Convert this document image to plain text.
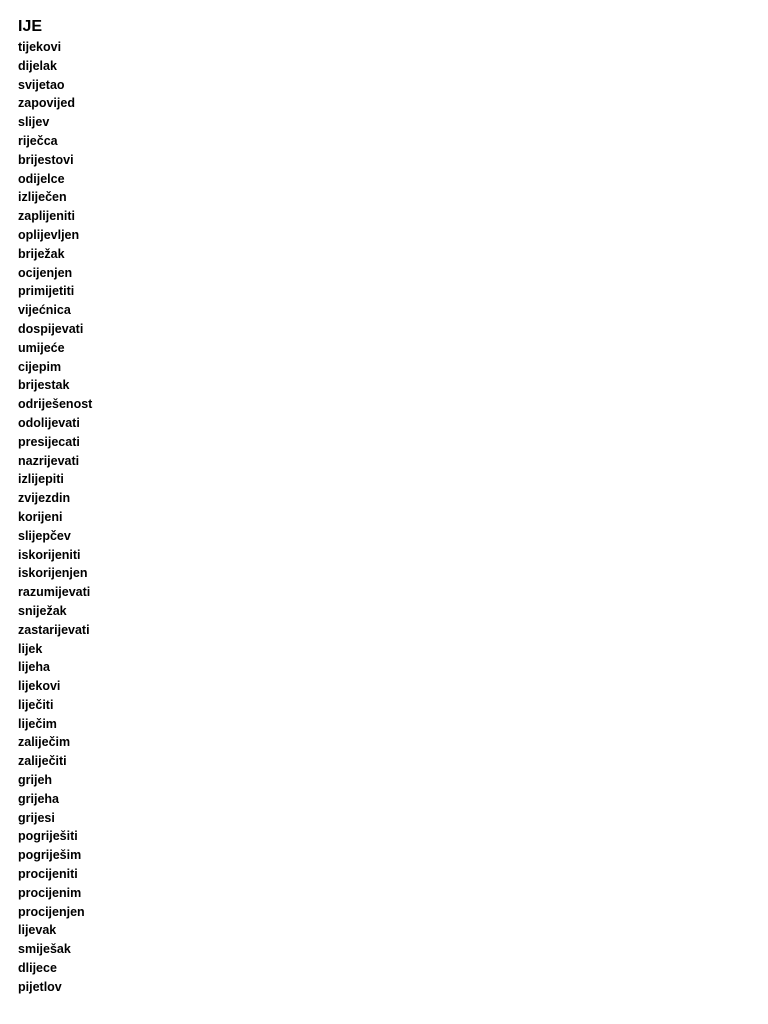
IJE
tijekovi
dijelak
svijetao
zapovijed
slijev
riječca
brijestovi
odijelce
izliječen
zaplijeniti
oplijevljen
briježak
ocijenjen
primijetiti
vijećnica
dospijevati
umijeće
cijepim
brijestak
odriješenost
odolijevati
presijecati
nazrijevati
izlijepiti
zvijezdin
korijeni
slijepčev
iskorijeniti
iskorijenjen
razumijevati
sniježak
zastarijevati
lijek
lijeha
lijekovi
liječiti
liječim
zaliječim
zaliječiti
grijeh
grijeha
grijesi
pogriješiti
pogriješim
procijeniti
procijenim
procijenjen
lijevak
smiješak
dlijece
pijetlov
